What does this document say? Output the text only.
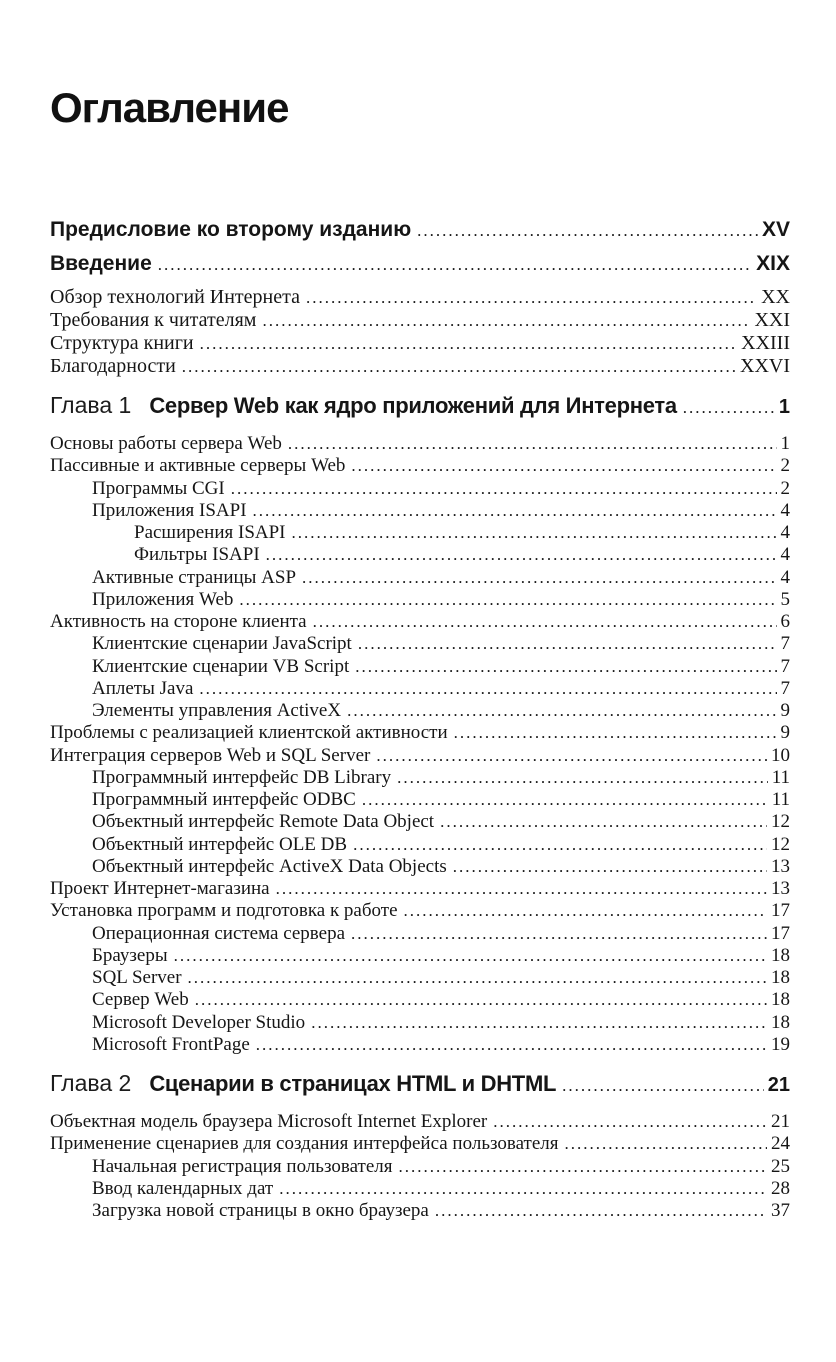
Оглавление
Предисловие ко второму изданию .....	XV
Введение .....	XIX
Обзор технологий Интернета .....	XX
Требования к читателям .....	XXI
Структура книги .....	XXIII
Благодарности .....	XXVI
Глава 1 Сервер Web как ядро приложений для Интернета .....	1
Основы работы сервера Web .....	1
Пассивные и активные серверы Web .....	2
Программы CGI .....	2
Приложения ISAPI .....	4
Расширения ISAPI .....	4
Фильтры ISAPI .....	4
Активные страницы ASP .....	4
Приложения Web .....	5
Активность на стороне клиента .....	6
Клиентские сценарии JavaScript .....	7
Клиентские сценарии VB Script .....	7
Аплеты Java .....	7
Элементы управления ActiveX .....	9
Проблемы с реализацией клиентской активности .....	9
Интеграция серверов Web и SQL Server .....	10
Программный интерфейс DB Library .....	11
Программный интерфейс ODBC .....	11
Объектный интерфейс Remote Data Object .....	12
Объектный интерфейс OLE DB .....	12
Объектный интерфейс ActiveX Data Objects .....	13
Проект Интернет-магазина .....	13
Установка программ и подготовка к работе .....	17
Операционная система сервера .....	17
Браузеры .....	18
SQL Server .....	18
Сервер Web .....	18
Microsoft Developer Studio .....	18
Microsoft FrontPage .....	19
Глава 2 Сценарии в страницах HTML и DHTML .....	21
Объектная модель браузера Microsoft Internet Explorer .....	21
Применение сценариев для создания интерфейса пользователя .....	24
Начальная регистрация пользователя .....	25
Ввод календарных дат .....	28
Загрузка новой страницы в окно браузера .....	37
